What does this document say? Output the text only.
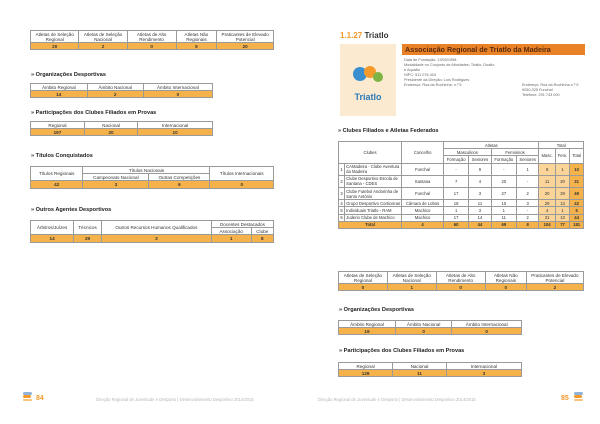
Atletas de Seleção Regional	Atletas de Seleção Nacional	Atletas de Alto Rendimento	Atletas Não Regionais	Praticantes de Elevado Potencial
20	2	0	9	20
» Organizações Desportivas
Âmbito Regional	Âmbito Nacional	Âmbito Internacional
14	2	0
» Participações dos Clubes Filiados em Provas
Regional	Nacional	Internacional
197	20	10
» Títulos Conquistados
Títulos Regionais	Títulos Nacionais		Títulos Internacionais
	Campeonato Nacional	Outras Competições	
42	3	6	0
» Outros Agentes Desportivos
Árbitros/Juízes	Técnicos	Outros Recursos Humanos Qualificados	Docentes Destacados	
			Associação	Clube
14	29	3	1	8
84	Direção Regional de Juventude e Desporto | Desenvolvimento Desportivo 2014/2015
1.1.27 Triatlo
Triatlo
Associação Regional de Triatlo da Madeira
Data de Fundação: 13/03/1998
Modalidade no Conjunto de Atividades: Triatlo, Duatlo
e Aquatlo
NIPC: 511 076 404
Presidente da Direção: Luís Rodrigues
Endereço: Rua da Rochinha, n.º 5	Endereço: Rua da Rochinha n.º 5
9050-025 Funchal
Telefone: 291 743 000
» Clubes Filiados e Atletas Federados
Clubes		Concelho	Atletas				Total		
			Masculinos		Femininos		Masc.	Fem.	Total
			Formação	Seniores	Formação	Seniores			
1	CAMadeira - Clube Aventura da Madeira	Funchal	-	9	-	1	9	1	10
2	Clube Desportivo Escola de Santana - CDES	Santana	7	4	20	-	11	20	31
3	Clube Futebol Andorinha de Santo António	Funchal	17	3	27	2	20	29	49
4	Grupo Desportivo Corticeiras	Câmara de Lobos	18	11	10	3	29	13	42
5	Individuais Triatlo - RAM	Machico	1	3	1	-	4	1	5
6	Juderio Clube de Machico	Machico	17	14	11	2	31	13	44
Total		4	60	44	69	8	104	77	181
Atletas de Seleção Regional	Atletas de Seleção Nacional	Atletas de Alto Rendimento	Atletas Não Regionais	Praticantes de Elevado Potencial
0	1	0	0	2
» Organizações Desportivas
Âmbito Regional	Âmbito Nacional	Âmbito Internacional
19	0	0
» Participações dos Clubes Filiados em Provas
Regional	Nacional	Internacional
129	11	3
Direção Regional de Juventude e Desporto | Desenvolvimento Desportivo 2014/2015	85
